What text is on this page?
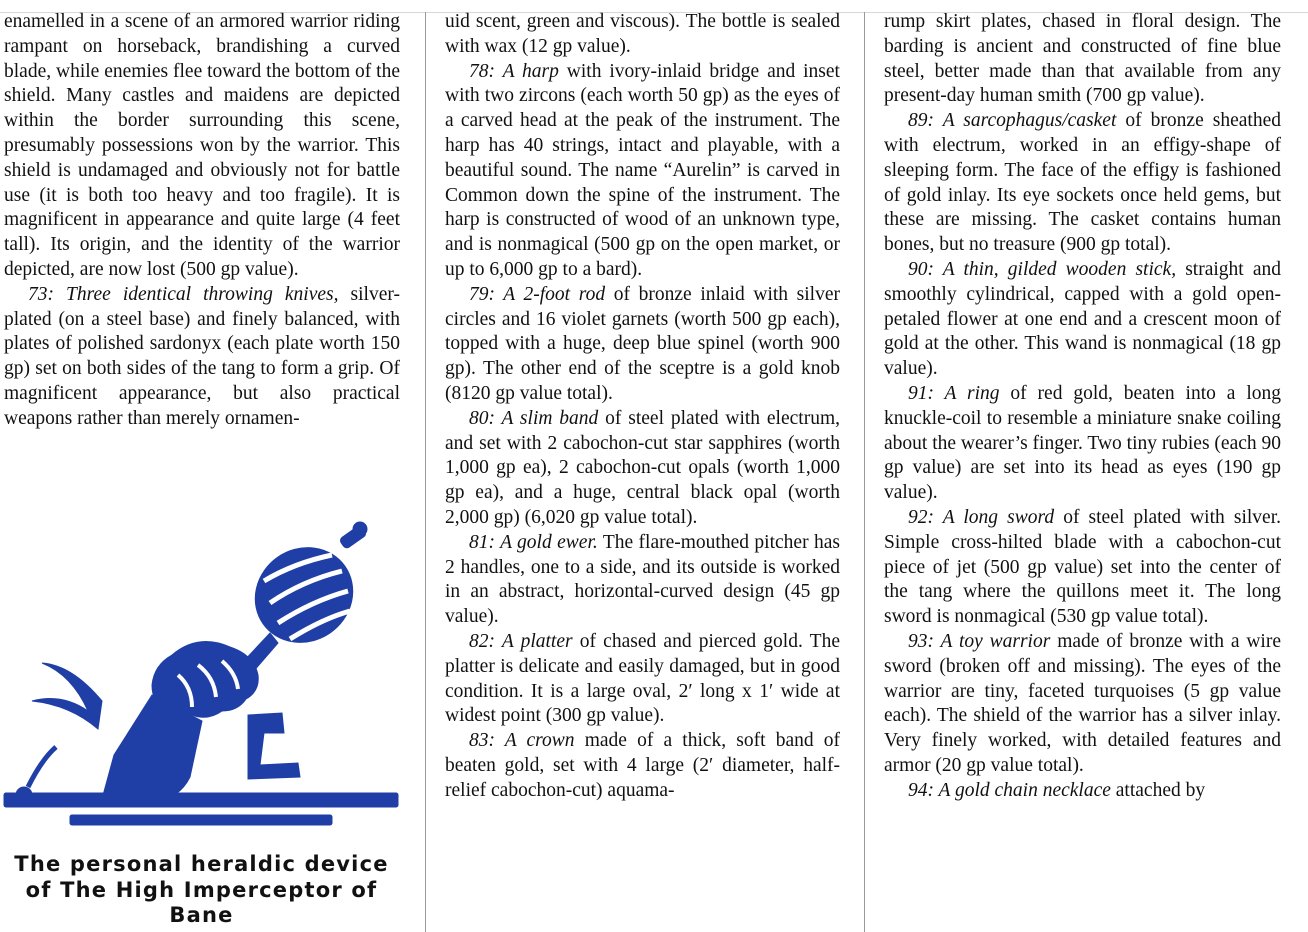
enamelled in a scene of an armored warrior riding rampant on horseback, brandishing a curved blade, while enemies flee toward the bottom of the shield. Many castles and maidens are depicted within the border surrounding this scene, presumably possessions won by the warrior. This shield is undamaged and obviously not for battle use (it is both too heavy and too fragile). It is magnificent in appearance and quite large (4 feet tall). Its origin, and the identity of the warrior depicted, are now lost (500 gp value).

73: Three identical throwing knives, silver-plated (on a steel base) and finely balanced, with plates of polished sardonyx (each plate worth 150 gp) set on both sides of the tang to form a grip. Of magnificent appearance, but also practical weapons rather than merely ornamen-

The personal heraldic device
of The High Imperceptor of
Bane

uid scent, green and viscous). The bottle is sealed with wax (12 gp value).

78: A harp with ivory-inlaid bridge and inset with two zircons (each worth 50 gp) as the eyes of a carved head at the peak of the instrument. The harp has 40 strings, intact and playable, with a beautiful sound. The name “Aurelin” is carved in Common down the spine of the instrument. The harp is constructed of wood of an unknown type, and is nonmagical (500 gp on the open market, or up to 6,000 gp to a bard).

79: A 2-foot rod of bronze inlaid with silver circles and 16 violet garnets (worth 500 gp each), topped with a huge, deep blue spinel (worth 900 gp). The other end of the sceptre is a gold knob (8120 gp value total).

80: A slim band of steel plated with electrum, and set with 2 cabochon-cut star sapphires (worth 1,000 gp ea), 2 cabochon-cut opals (worth 1,000 gp ea), and a huge, central black opal (worth 2,000 gp) (6,020 gp value total).

81: A gold ewer. The flare-mouthed pitcher has 2 handles, one to a side, and its outside is worked in an abstract, horizontal-curved design (45 gp value).

82: A platter of chased and pierced gold. The platter is delicate and easily damaged, but in good condition. It is a large oval, 2′ long x 1′ wide at widest point (300 gp value).

83: A crown made of a thick, soft band of beaten gold, set with 4 large (2′ diameter, half-relief cabochon-cut) aquama-

rump skirt plates, chased in floral design. The barding is ancient and constructed of fine blue steel, better made than that available from any present-day human smith (700 gp value).

89: A sarcophagus/casket of bronze sheathed with electrum, worked in an effigy-shape of sleeping form. The face of the effigy is fashioned of gold inlay. Its eye sockets once held gems, but these are missing. The casket contains human bones, but no treasure (900 gp total).

90: A thin, gilded wooden stick, straight and smoothly cylindrical, capped with a gold open-petaled flower at one end and a crescent moon of gold at the other. This wand is nonmagical (18 gp value).

91: A ring of red gold, beaten into a long knuckle-coil to resemble a miniature snake coiling about the wearer’s finger. Two tiny rubies (each 90 gp value) are set into its head as eyes (190 gp value).

92: A long sword of steel plated with silver. Simple cross-hilted blade with a cabochon-cut piece of jet (500 gp value) set into the center of the tang where the quillons meet it. The long sword is nonmagical (530 gp value total).

93: A toy warrior made of bronze with a wire sword (broken off and missing). The eyes of the warrior are tiny, faceted turquoises (5 gp value each). The shield of the warrior has a silver inlay. Very finely worked, with detailed features and armor (20 gp value total).

94: A gold chain necklace attached by
